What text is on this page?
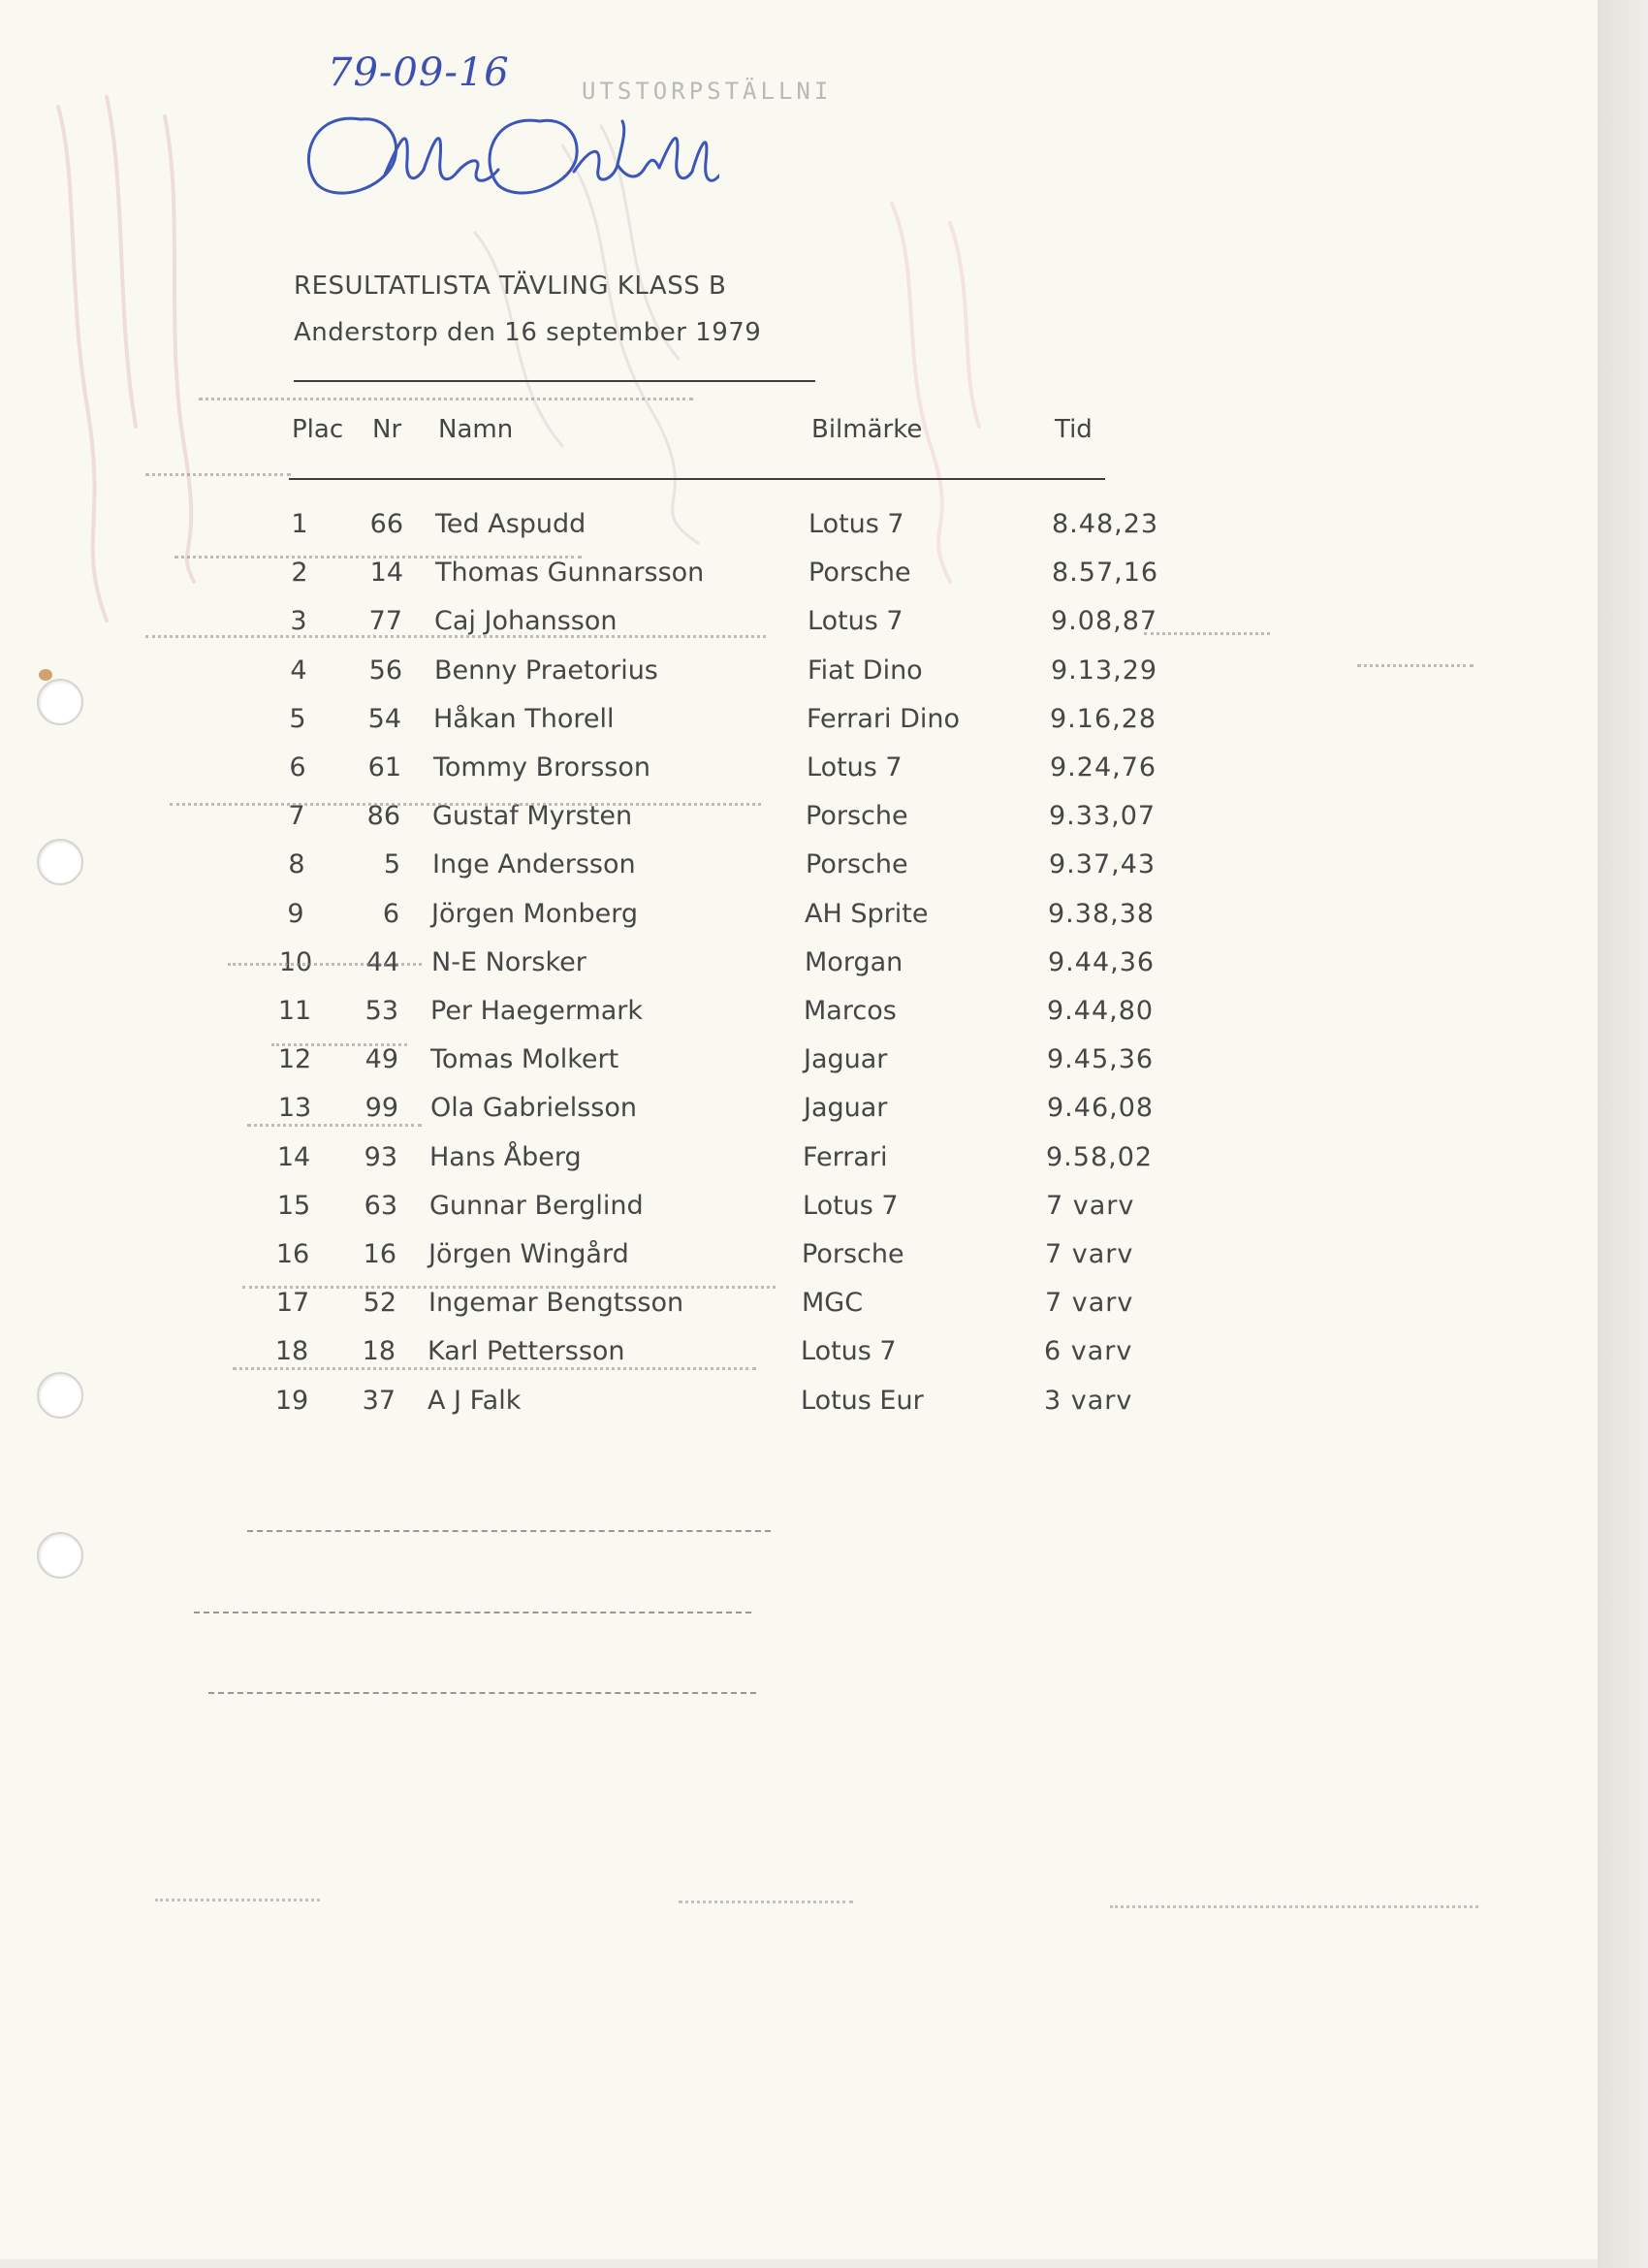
79-09-16	UTSTORPSTÄLLNI
RESULTATLISTA TÄVLING KLASS B
Anderstorp den 16 september 1979
Plac Nr Namn	Bilmärke	Tid
1	66 Ted Aspudd	Lotus 7	8.48,23
2	14 Thomas Gunnarsson	Porsche	8.57,16
3	77 Caj Johansson	Lotus 7	9.08,87
4	56 Benny Praetorius	Fiat Dino	9.13,29
5	54 Håkan Thorell	Ferrari Dino	9.16,28
6	61 Tommy Brorsson	Lotus 7	9.24,76
7	86 Gustaf Myrsten	Porsche	9.33,07
8	5 Inge Andersson	Porsche	9.37,43
9	6 Jörgen Monberg	AH Sprite	9.38,38
10	44 N-E Norsker	Morgan	9.44,36
11	53 Per Haegermark	Marcos	9.44,80
12	49 Tomas Molkert	Jaguar	9.45,36
13	99 Ola Gabrielsson	Jaguar	9.46,08
14	93 Hans Åberg	Ferrari	9.58,02
15	63 Gunnar Berglind	Lotus 7	7 varv
16	16 Jörgen Wingård	Porsche	7 varv
17	52 Ingemar Bengtsson	MGC	7 varv
18	18 Karl Pettersson	Lotus 7	6 varv
19	37 A J Falk	Lotus Eur	3 varv
